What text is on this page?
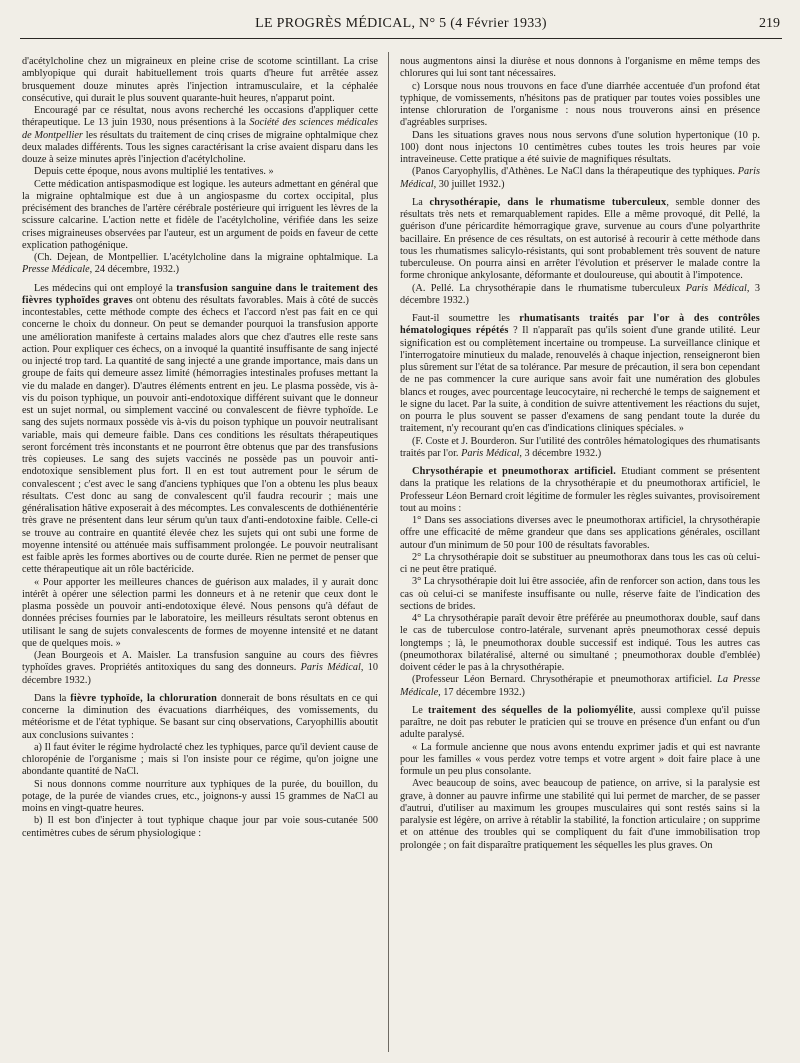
LE PROGRÈS MÉDICAL, N° 5 (4 Février 1933)	219

d'acétylcholine chez un migraineux en pleine crise de scotome scintillant. La crise amblyopique qui durait habituellement trois quarts d'heure fut arrêtée assez brusquement douze minutes après l'injection intramusculaire, et la céphalée consécutive, qui durait le plus souvent quarante-huit heures, n'apparut point.

Encouragé par ce résultat, nous avons recherché les occasions d'appliquer cette thérapeutique. Le 13 juin 1930, nous présentions à la Société des sciences médicales de Montpellier les résultats du traitement de cinq crises de migraine ophtalmique chez deux malades différents. Tous les signes caractérisant la crise avaient disparu dans les douze à seize minutes après l'injection d'acétylcholine.

Depuis cette époque, nous avons multiplié les tentatives. »

Cette médication antispasmodique est logique. les auteurs admettant en général que la migraine ophtalmique est due à un angiospasme du cortex occipital, plus précisément des branches de l'artère cérébrale postérieure qui irriguent les lèvres de la scissure calcarine. L'action nette et fidèle de l'acétylcholine, vérifiée dans les seize crises migraineuses observées par l'auteur, est un argument de poids en faveur de cette explication pathogénique.

(Ch. Dejean, de Montpellier. L'acétylcholine dans la migraine ophtalmique. La Presse Médicale, 24 décembre, 1932.)

Les médecins qui ont employé la transfusion sanguine dans le traitement des fièvres typhoïdes graves ont obtenu des résultats favorables. Mais à côté de succès incontestables, cette méthode compte des échecs et l'accord n'est pas fait en ce qui concerne le choix du donneur. On peut se demander pourquoi la transfusion apporte une amélioration manifeste à certains malades alors que chez d'autres elle reste sans action. Pour expliquer ces échecs, on a invoqué la quantité insuffisante de sang injecté ou injecté trop tard. La quantité de sang injecté a une grande importance, mais dans un groupe de faits qui demeure assez limité (hémorragies intestinales profuses mettant la vie du malade en danger). D'autres éléments entrent en jeu. Le plasma possède, vis à-vis du poison typhique, un pouvoir anti-endotoxique différent suivant que le donneur est un sujet normal, ou simplement vacciné ou convalescent de fièvre typhoïde. Le sang des sujets normaux possède vis à-vis du poison typhique un pouvoir neutralisant variable, mais qui demeure faible. Dans ces conditions les résultats thérapeutiques seront forcément très inconstants et ne pourront être obtenus que par des transfusions très copieuses. Le sang des sujets vaccinés ne possède pas un pouvoir anti-endotoxique sensiblement plus fort. Il en est tout autrement pour le sérum de convalescent ; c'est avec le sang d'anciens typhiques que l'on a obtenu les plus beaux résultats. C'est donc au sang de convalescent qu'il faudra recourir ; mais une généralisation hâtive exposerait à des mécomptes. Les convalescents de dothiénentérie très grave ne présentent dans leur sérum qu'un taux d'anti-endotoxine faible. Celle-ci se trouve au contraire en quantité élevée chez les sujets qui ont subi une forme de moyenne intensité ou atténuée mais suffisamment prolongée. Le pouvoir neutralisant est faible après les formes abortives ou de courte durée. Rien ne permet de penser que cette thérapeutique ait un rôle bactéricide.

« Pour apporter les meilleures chances de guérison aux malades, il y aurait donc intérêt à opérer une sélection parmi les donneurs et à ne retenir que ceux dont le plasma possède un pouvoir anti-endotoxique élevé. Nous pensons qu'à défaut de données précises fournies par le laboratoire, les meilleurs résultats seront obtenus en utilisant le sang de sujets convalescents de formes de moyenne intensité et ne datant que de quelques mois. »

(Jean Bourgeois et A. Maisler. La transfusion sanguine au cours des fièvres typhoïdes graves. Propriétés antitoxiques du sang des donneurs. Paris Médical, 10 décembre 1932.)

Dans la fièvre typhoïde, la chloruration donnerait de bons résultats en ce qui concerne la diminution des évacuations diarrhéiques, des vomissements, du météorisme et de l'état typhique. Se basant sur cinq observations, Caryophillis aboutit aux conclusions suivantes :

a) Il faut éviter le régime hydrolacté chez les typhiques, parce qu'il devient cause de chloropénie de l'organisme ; mais si l'on insiste pour ce régime, qu'on joigne une abondante quantité de NaCl.

Si nous donnons comme nourriture aux typhiques de la purée, du bouillon, du potage, de la purée de viandes crues, etc., joignons-y aussi 15 grammes de NaCl au moins en vingt-quatre heures.

b) Il est bon d'injecter à tout typhique chaque jour par voie sous-cutanée 500 centimètres cubes de sérum physiologique :

nous augmentons ainsi la diurèse et nous donnons à l'organisme en même temps des chlorures qui lui sont tant nécessaires.

c) Lorsque nous nous trouvons en face d'une diarrhée accentuée d'un profond état typhique, de vomissements, n'hésitons pas de pratiquer par toutes voies possibles une intense chloruration de l'organisme : nous nous trouverons ainsi en présence d'agréables surprises.

Dans les situations graves nous nous servons d'une solution hypertonique (10 p. 100) dont nous injectons 10 centimètres cubes toutes les trois heures par voie intraveineuse. Cette pratique a été suivie de magnifiques résultats.

(Panos Caryophyllis, d'Athènes. Le NaCl dans la thérapeutique des typhiques. Paris Médical, 30 juillet 1932.)

La chrysothérapie, dans le rhumatisme tuberculeux, semble donner des résultats très nets et remarquablement rapides. Elle a même provoqué, dit Pellé, la guérison d'une péricardite hémorragique grave, survenue au cours d'une polyarthrite bacillaire. En présence de ces résultats, on est autorisé à recourir à cette méthode dans tous les rhumatismes salicylo-résistants, qui sont probablement très souvent de nature tuberculeuse. On pourra ainsi en arrêter l'évolution et préserver le malade contre la forme chronique ankylosante, déformante et douloureuse, qui aboutit à l'impotence.

(A. Pellé. La chrysothérapie dans le rhumatisme tuberculeux Paris Médical, 3 décembre 1932.)

Faut-il soumettre les rhumatisants traités par l'or à des contrôles hématologiques répétés ? Il n'apparaît pas qu'ils soient d'une grande utilité. Leur signification est ou complètement incertaine ou trompeuse. La surveillance clinique et l'interrogatoire minutieux du malade, renouvelés à chaque injection, renseigneront bien plus sûrement sur l'état de sa tolérance. Par mesure de précaution, il sera bon cependant de ne pas commencer la cure aurique sans avoir fait une numération des globules blancs et rouges, avec pourcentage leucocytaire, ni recherché le temps de saignement et le signe du lacet. Par la suite, à condition de suivre attentivement les réactions du sujet, on pourra le plus souvent se passer d'examens de sang pendant toute la durée du traitement, n'y recourant qu'en cas d'indications cliniques spéciales. »

(F. Coste et J. Bourderon. Sur l'utilité des contrôles hématologiques des rhumatisants traités par l'or. Paris Médical, 3 décembre 1932.)

Chrysothérapie et pneumothorax artificiel. Etudiant comment se présentent dans la pratique les relations de la chrysothérapie et du pneumothorax artificiel, le Professeur Léon Bernard croit légitime de formuler les règles suivantes, provisoirement tout au moins :

1° Dans ses associations diverses avec le pneumothorax artificiel, la chrysothérapie offre une efficacité de même grandeur que dans ses applications générales, oscillant autour d'un minimum de 50 pour 100 de résultats favorables.

2° La chrysothérapie doit se substituer au pneumothorax dans tous les cas où celui-ci ne peut être pratiqué.

3° La chrysothérapie doit lui être associée, afin de renforcer son action, dans tous les cas où celui-ci se manifeste insuffisante ou nulle, réserve faite de l'indication des sections de brides.

4° La chrysothérapie paraît devoir être préférée au pneumothorax double, sauf dans le cas de tuberculose contro-latérale, survenant après pneumothorax cessé depuis longtemps ; là, le pneumothorax double successif est indiqué. Tous les autres cas (pneumothorax bilatéralisé, alterné ou simultané ; pneumothorax double d'emblée) doivent céder le pas à la chrysothérapie.

(Professeur Léon Bernard. Chrysothérapie et pneumothorax artificiel. La Presse Médicale, 17 décembre 1932.)

Le traitement des séquelles de la poliomyélite, aussi complexe qu'il puisse paraître, ne doit pas rebuter le praticien qui se trouve en présence d'un enfant ou d'un adulte paralysé.

« La formule ancienne que nous avons entendu exprimer jadis et qui est navrante pour les familles « vous perdez votre temps et votre argent » doit faire place à une formule un peu plus consolante.

Avec beaucoup de soins, avec beaucoup de patience, on arrive, si la paralysie est grave, à donner au pauvre infirme une stabilité qui lui permet de marcher, de se passer d'autrui, d'utiliser au maximum les groupes musculaires qui sont restés sains si la paralysie est légère, on arrive à rétablir la stabilité, la fonction articulaire ; on supprime et on atténue des troubles qui se compliquent du fait d'une immobilisation trop prolongée ; on fait disparaître pratiquement les séquelles les plus graves. On
